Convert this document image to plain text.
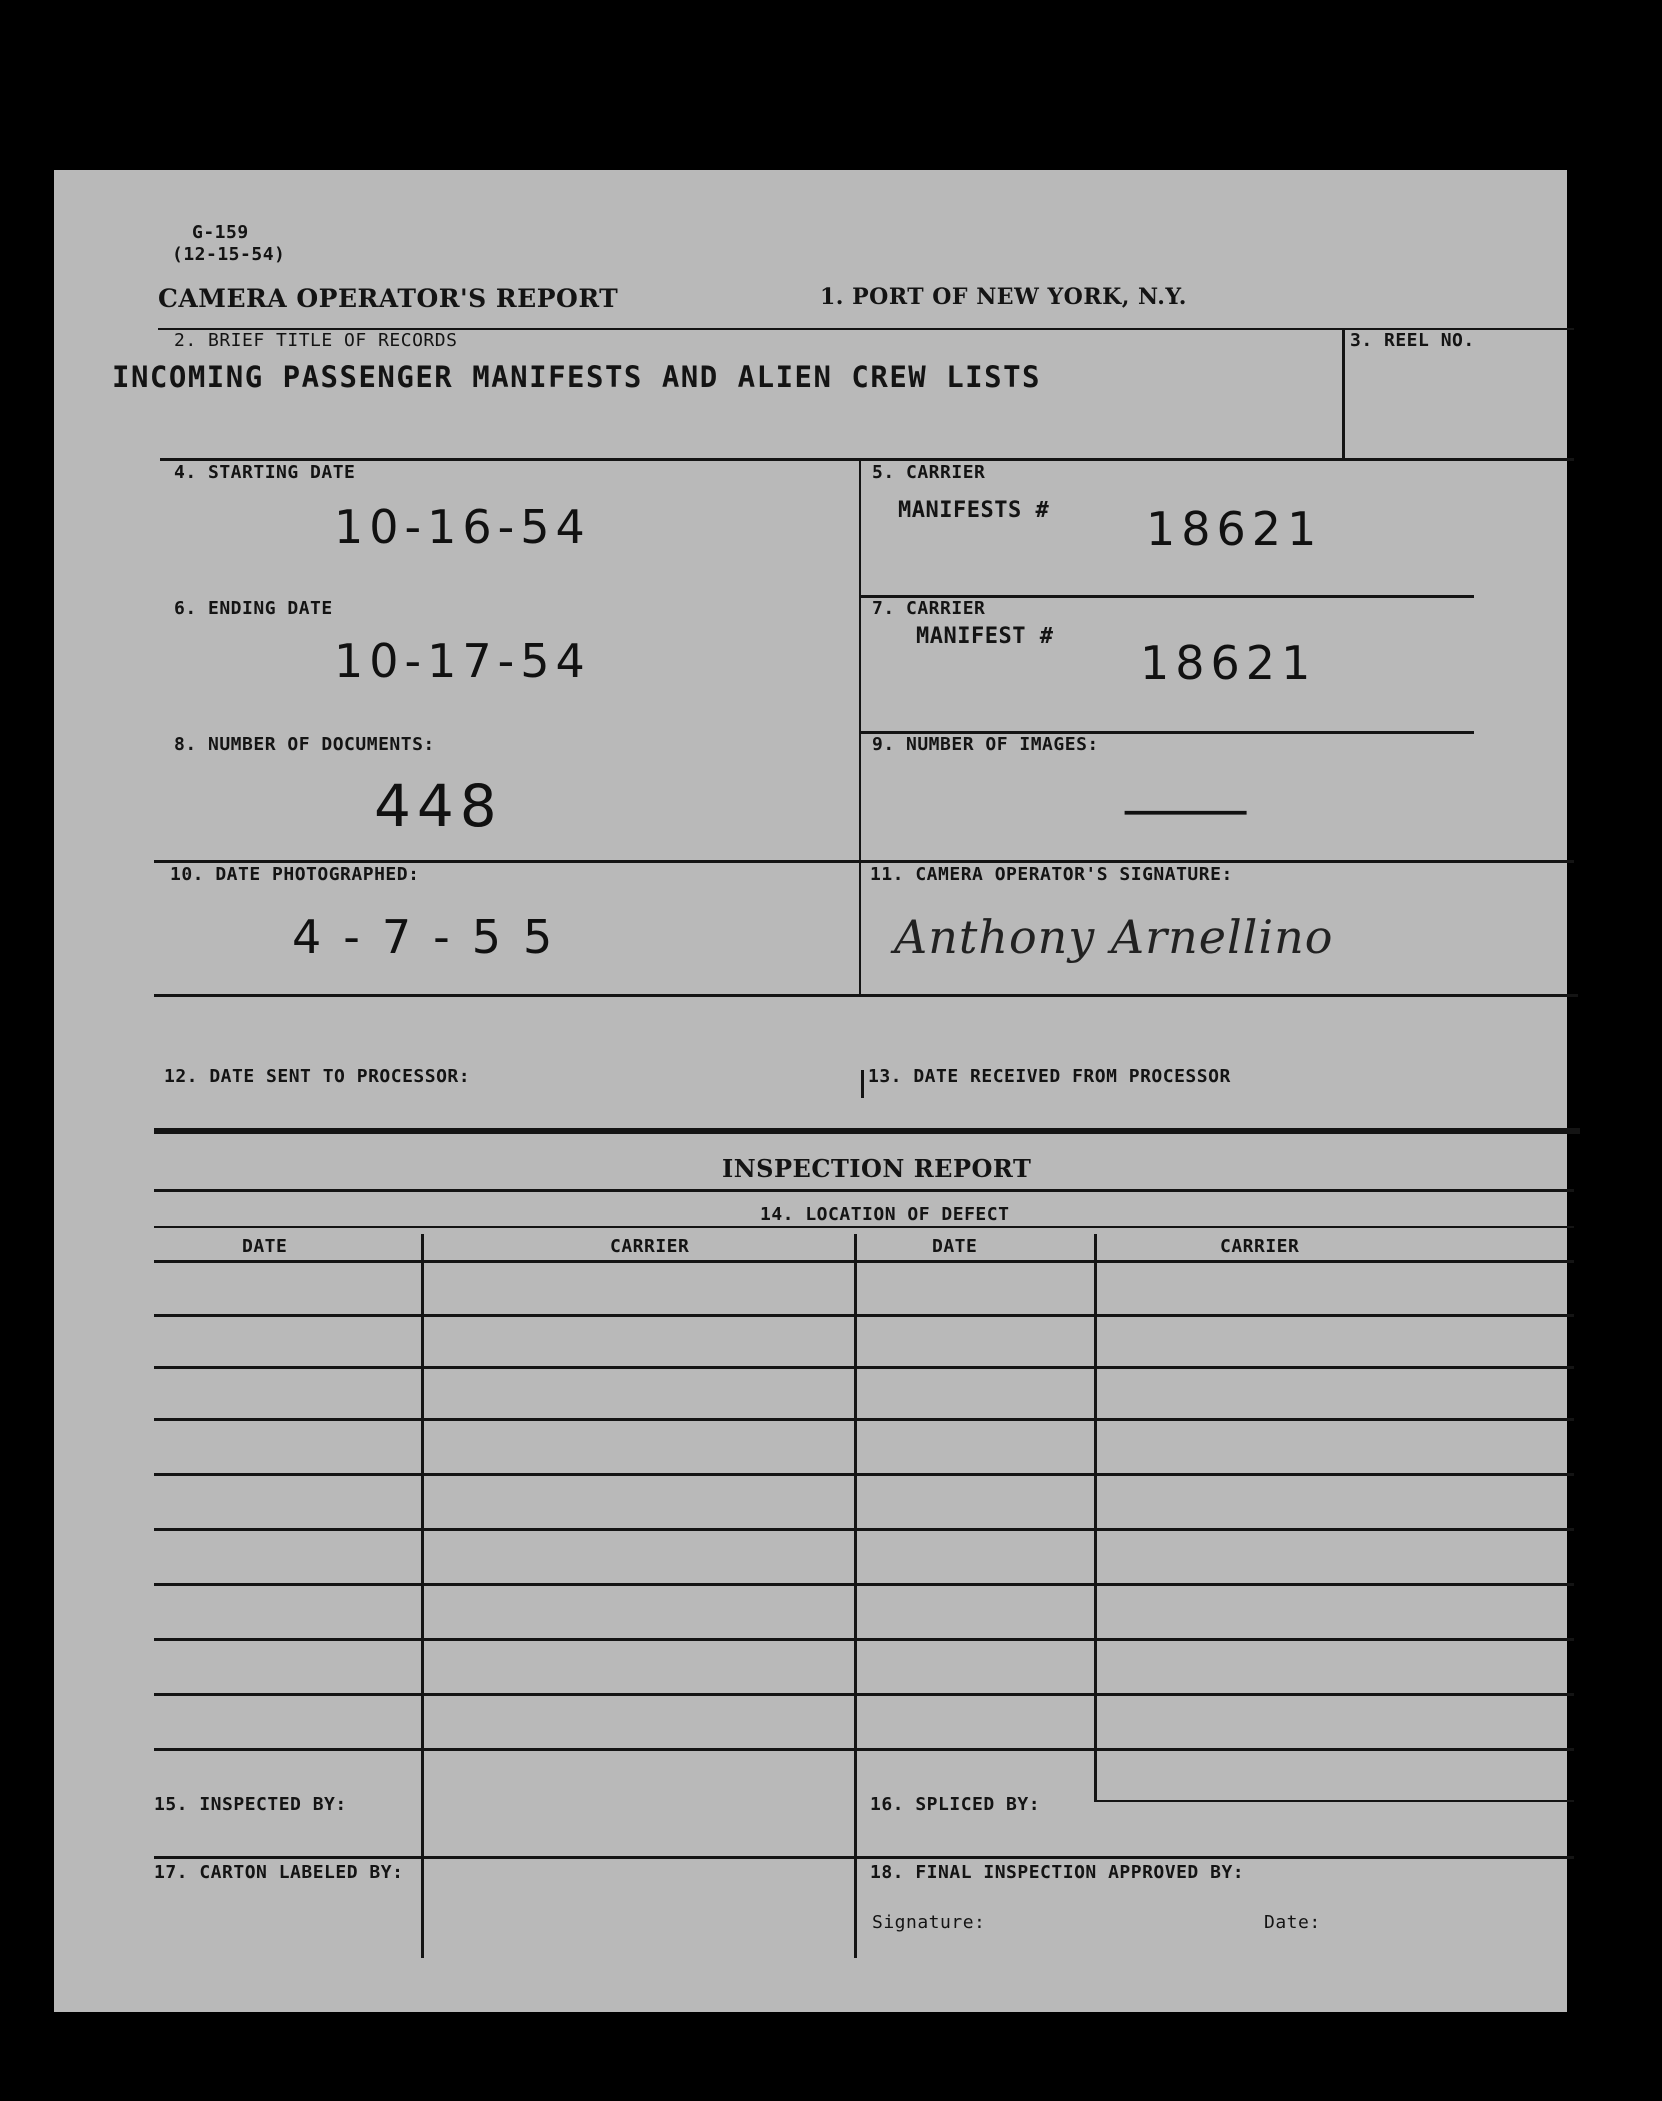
G-159
(12-15-54)
CAMERA OPERATOR'S REPORT	1. PORT OF NEW YORK, N.Y.
2. BRIEF TITLE OF RECORDS
INCOMING PASSENGER MANIFESTS AND ALIEN CREW LISTS
3. REEL NO.
4. STARTING DATE
10-16-54
5. CARRIER
MANIFESTS # 18621
6. ENDING DATE
10-17-54
7. CARRIER
MANIFEST # 18621
8. NUMBER OF DOCUMENTS:
448
9. NUMBER OF IMAGES:
—
10. DATE PHOTOGRAPHED:
4-7-55
11. CAMERA OPERATOR'S SIGNATURE:
Anthony Arnellino
12. DATE SENT TO PROCESSOR:	13. DATE RECEIVED FROM PROCESSOR
INSPECTION REPORT
14. LOCATION OF DEFECT
DATE	CARRIER	DATE	CARRIER
15. INSPECTED BY:	16. SPLICED BY:
17. CARTON LABELED BY:	18. FINAL INSPECTION APPROVED BY:
Signature:	Date:
